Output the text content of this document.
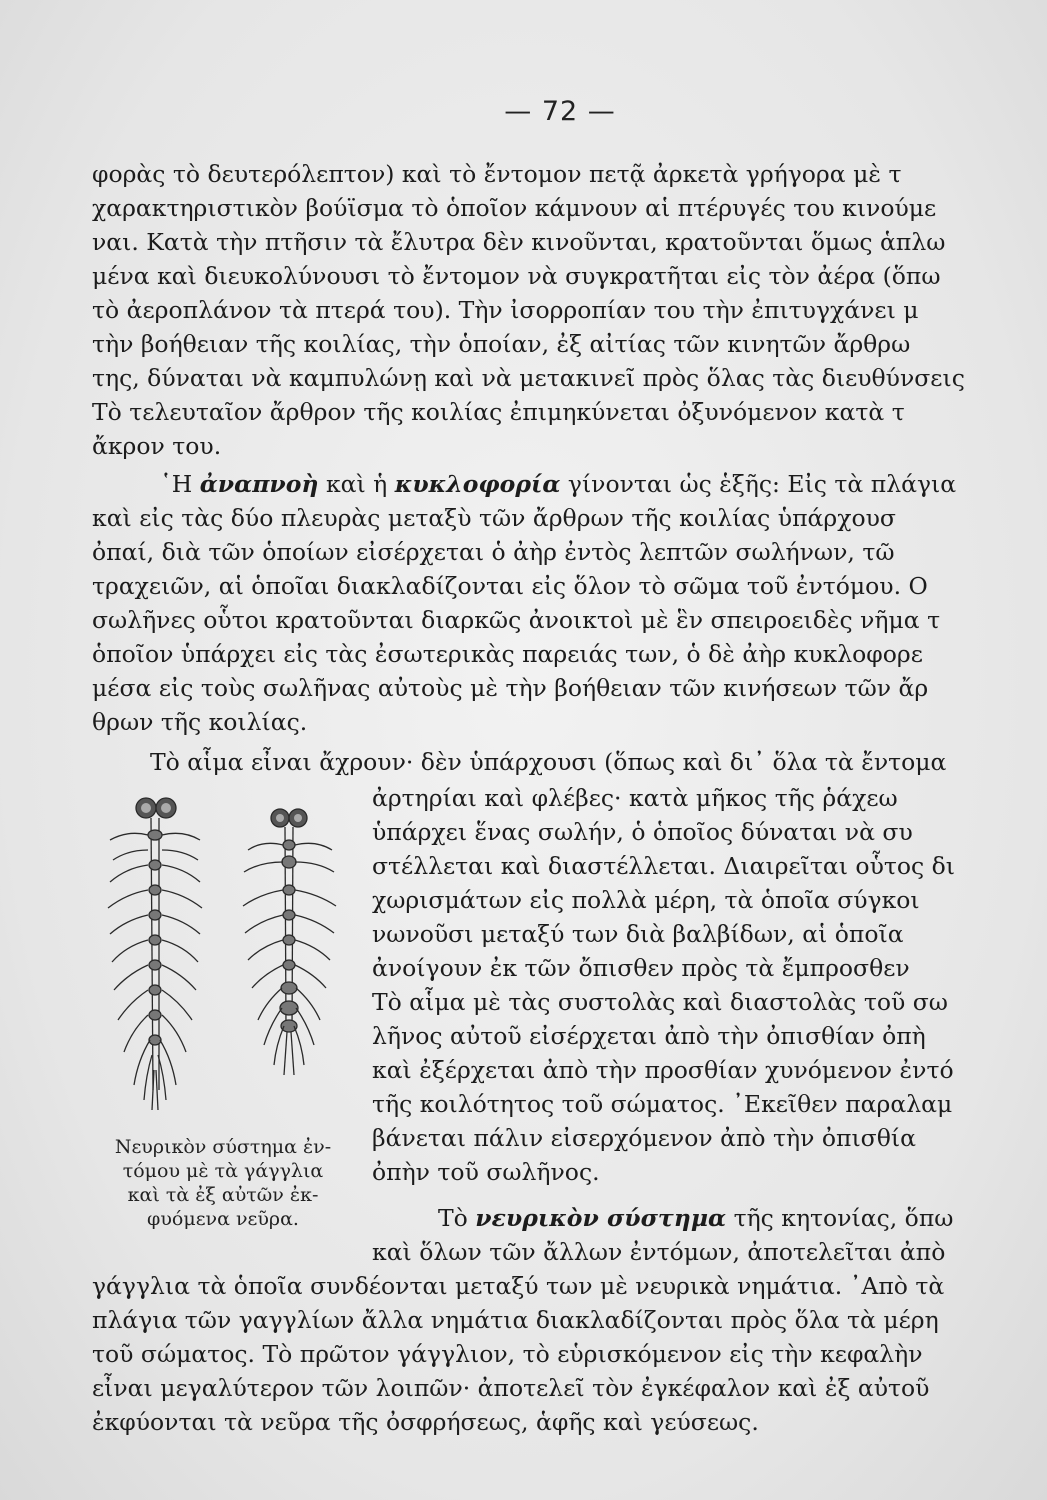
— 72 —
φορὰς τὸ δευτερόλεπτον) καὶ τὸ ἔντομον πετᾷ ἀρκετὰ γρήγορα μὲ τ
χαρακτηριστικὸν βούϊσμα τὸ ὁποῖον κάμνουν αἱ πτέρυγές του κινούμε
ναι. Κατὰ τὴν πτῆσιν τὰ ἔλυτρα δὲν κινοῦνται, κρατοῦνται ὅμως ἁπλω
μένα καὶ διευκολύνουσι τὸ ἔντομον νὰ συγκρατῆται εἰς τὸν ἀέρα (ὅπω
τὸ ἀεροπλάνον τὰ πτερά του). Τὴν ἰσορροπίαν του τὴν ἐπιτυγχάνει μ
τὴν βοήθειαν τῆς κοιλίας, τὴν ὁποίαν, ἐξ αἰτίας τῶν κινητῶν ἄρθρω
της, δύναται νὰ καμπυλώνῃ καὶ νὰ μετακινεῖ πρὸς ὅλας τὰς διευθύνσεις
Τὸ τελευταῖον ἄρθρον τῆς κοιλίας ἐπιμηκύνεται ὀξυνόμενον κατὰ τ
ἄκρον του.
῾Η ἀναπνοὴ καὶ ἡ κυκλοφορία γίνονται ὡς ἑξῆς: Εἰς τὰ πλάγια
καὶ εἰς τὰς δύο πλευρὰς μεταξὺ τῶν ἄρθρων τῆς κοιλίας ὑπάρχουσ
ὀπαί, διὰ τῶν ὁποίων εἰσέρχεται ὁ ἀὴρ ἐντὸς λεπτῶν σωλήνων, τῶ
τραχειῶν, αἱ ὁποῖαι διακλαδίζονται εἰς ὅλον τὸ σῶμα τοῦ ἐντόμου. Ο
σωλῆνες οὗτοι κρατοῦνται διαρκῶς ἀνοικτοὶ μὲ ἓν σπειροειδὲς νῆμα τ
ὁποῖον ὑπάρχει εἰς τὰς ἐσωτερικὰς παρειάς των, ὁ δὲ ἀὴρ κυκλοφορε
μέσα εἰς τοὺς σωλῆνας αὐτοὺς μὲ τὴν βοήθειαν τῶν κινήσεων τῶν ἄρ
θρων τῆς κοιλίας.
Τὸ αἷμα εἶναι ἄχρουν· δὲν ὑπάρχουσι (ὅπως καὶ δι᾿ ὅλα τὰ ἔντομα
ἀρτηρίαι καὶ φλέβες· κατὰ μῆκος τῆς ῥάχεω
ὑπάρχει ἕνας σωλήν, ὁ ὁποῖος δύναται νὰ συ
στέλλεται καὶ διαστέλλεται. Διαιρεῖται οὗτος δι
χωρισμάτων εἰς πολλὰ μέρη, τὰ ὁποῖα σύγκοι
νωνοῦσι μεταξύ των διὰ βαλβίδων, αἱ ὁποῖα
ἀνοίγουν ἐκ τῶν ὄπισθεν πρὸς τὰ ἔμπροσθεν
Τὸ αἷμα μὲ τὰς συστολὰς καὶ διαστολὰς τοῦ σω
λῆνος αὐτοῦ εἰσέρχεται ἀπὸ τὴν ὀπισθίαν ὀπὴ
καὶ ἐξέρχεται ἀπὸ τὴν προσθίαν χυνόμενον ἐντό
τῆς κοιλότητος τοῦ σώματος. ᾿Εκεῖθεν παραλαμ
βάνεται πάλιν εἰσερχόμενον ἀπὸ τὴν ὀπισθία
ὀπὴν τοῦ σωλῆνος.
Τὸ νευρικὸν σύστημα τῆς κητονίας, ὅπω
καὶ ὅλων τῶν ἄλλων ἐντόμων, ἀποτελεῖται ἀπὸ
γάγγλια τὰ ὁποῖα συνδέονται μεταξύ των μὲ νευρικὰ νημάτια. ᾿Απὸ τὰ
πλάγια τῶν γαγγλίων ἄλλα νημάτια διακλαδίζονται πρὸς ὅλα τὰ μέρη
τοῦ σώματος. Τὸ πρῶτον γάγγλιον, τὸ εὑρισκόμενον εἰς τὴν κεφαλὴν
εἶναι μεγαλύτερον τῶν λοιπῶν· ἀποτελεῖ τὸν ἐγκέφαλον καὶ ἐξ αὐτοῦ
ἐκφύονται τὰ νεῦρα τῆς ὀσφρήσεως, ἁφῆς καὶ γεύσεως.
Νευρικὸν σύστημα ἐν-
τόμου μὲ τὰ γάγγλια
καὶ τὰ ἐξ αὐτῶν ἐκ-
φυόμενα νεῦρα.
